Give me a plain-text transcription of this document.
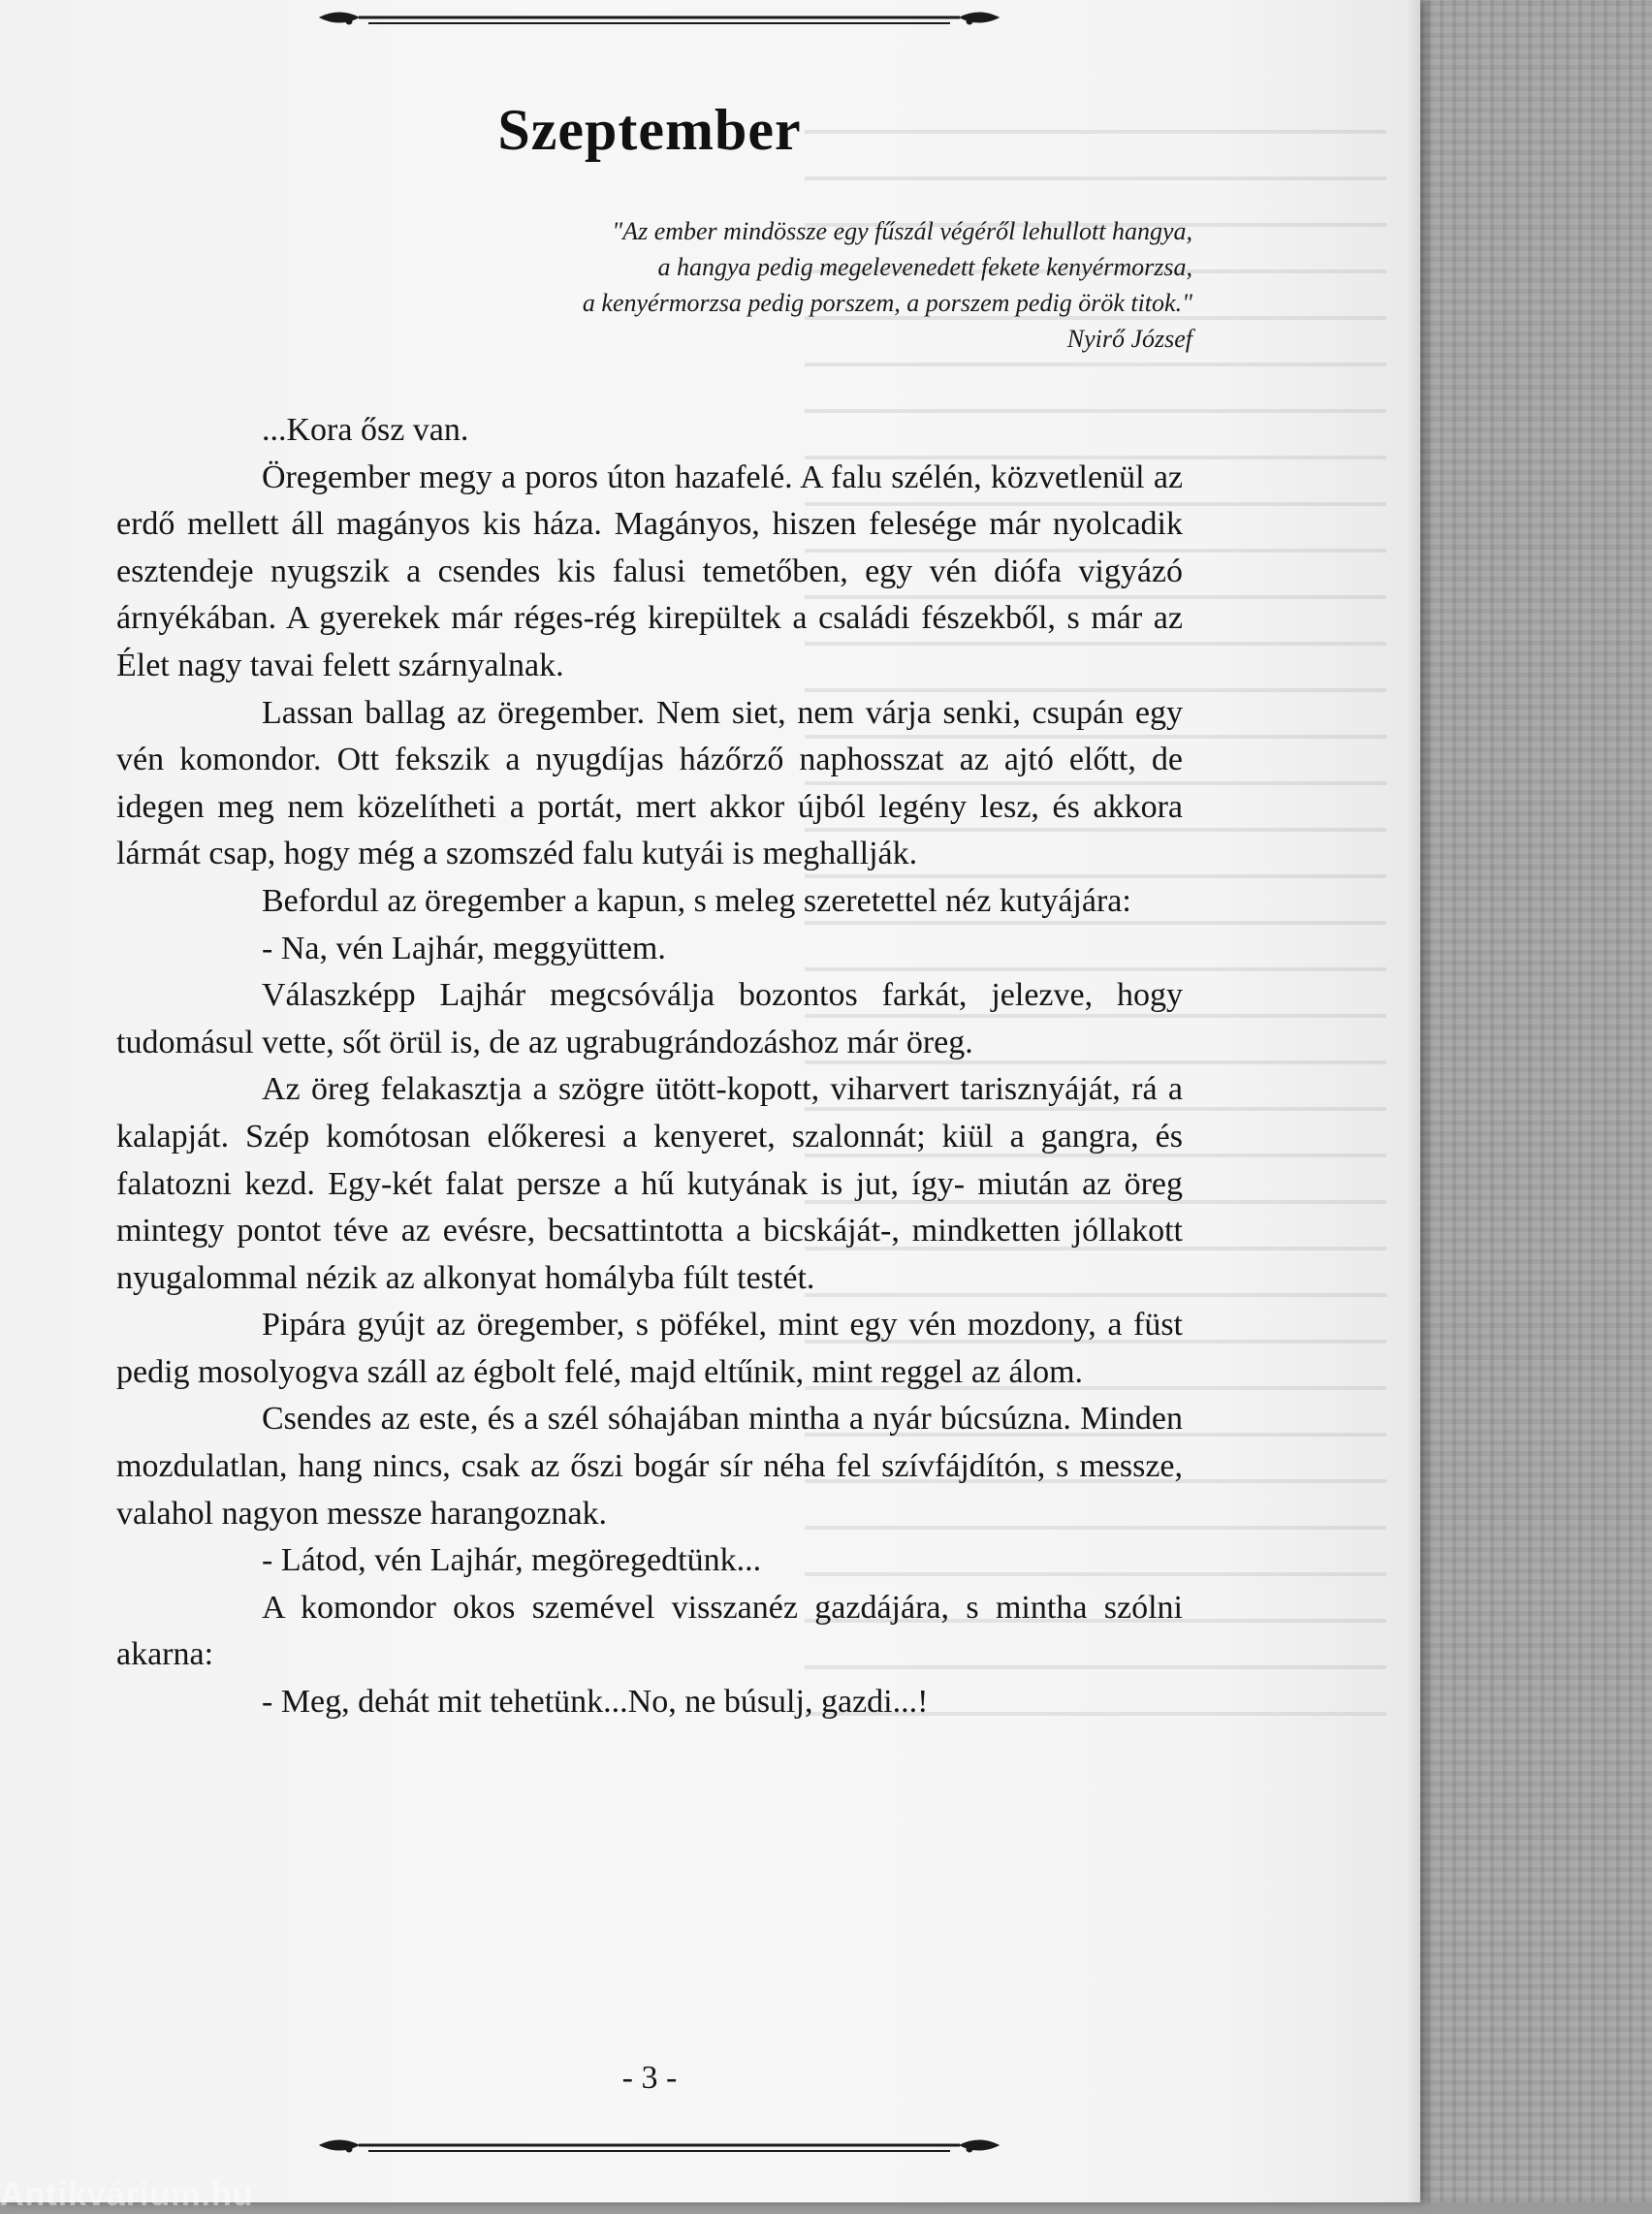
Szeptember
"Az ember mindössze egy fűszál végéről lehullott hangya,
a hangya pedig megelevenedett fekete kenyérmorzsa,
a kenyérmorzsa pedig porszem, a porszem pedig örök titok."
Nyirő József

...Kora ősz van.

Öregember megy a poros úton hazafelé. A falu szélén, közvetlenül az erdő mellett áll magányos kis háza. Magányos, hiszen felesége már nyolcadik esztendeje nyugszik a csendes kis falusi temetőben, egy vén diófa vigyázó árnyékában. A gyerekek már réges-rég kirepültek a családi fészekből, s már az Élet nagy tavai felett szárnyalnak.

Lassan ballag az öregember. Nem siet, nem várja senki, csupán egy vén komondor. Ott fekszik a nyugdíjas házőrző naphosszat az ajtó előtt, de idegen meg nem közelítheti a portát, mert akkor újból legény lesz, és akkora lármát csap, hogy még a szomszéd falu kutyái is meghallják.

Befordul az öregember a kapun, s meleg szeretettel néz kutyájára:

- Na, vén Lajhár, meggyüttem.

Válaszképp Lajhár megcsóválja bozontos farkát, jelezve, hogy tudomásul vette, sőt örül is, de az ugrabugrándozáshoz már öreg.

Az öreg felakasztja a szögre ütött-kopott, viharvert tarisznyáját, rá a kalapját. Szép komótosan előkeresi a kenyeret, szalonnát; kiül a gangra, és falatozni kezd. Egy-két falat persze a hű kutyának is jut, így- miután az öreg mintegy pontot téve az evésre, becsattintotta a bicskáját-, mindketten jóllakott nyugalommal nézik az alkonyat homályba fúlt testét.

Pipára gyújt az öregember, s pöfékel, mint egy vén mozdony, a füst pedig mosolyogva száll az égbolt felé, majd eltűnik, mint reggel az álom.

Csendes az este, és a szél sóhajában mintha a nyár búcsúzna. Minden mozdulatlan, hang nincs, csak az őszi bogár sír néha fel szívfájdítón, s messze, valahol nagyon messze harangoznak.

- Látod, vén Lajhár, megöregedtünk...

A komondor okos szemével visszanéz gazdájára, s mintha szólni akarna:

- Meg, dehát mit tehetünk...No, ne búsulj, gazdi...!

- 3 -
Antikvárium.hu
